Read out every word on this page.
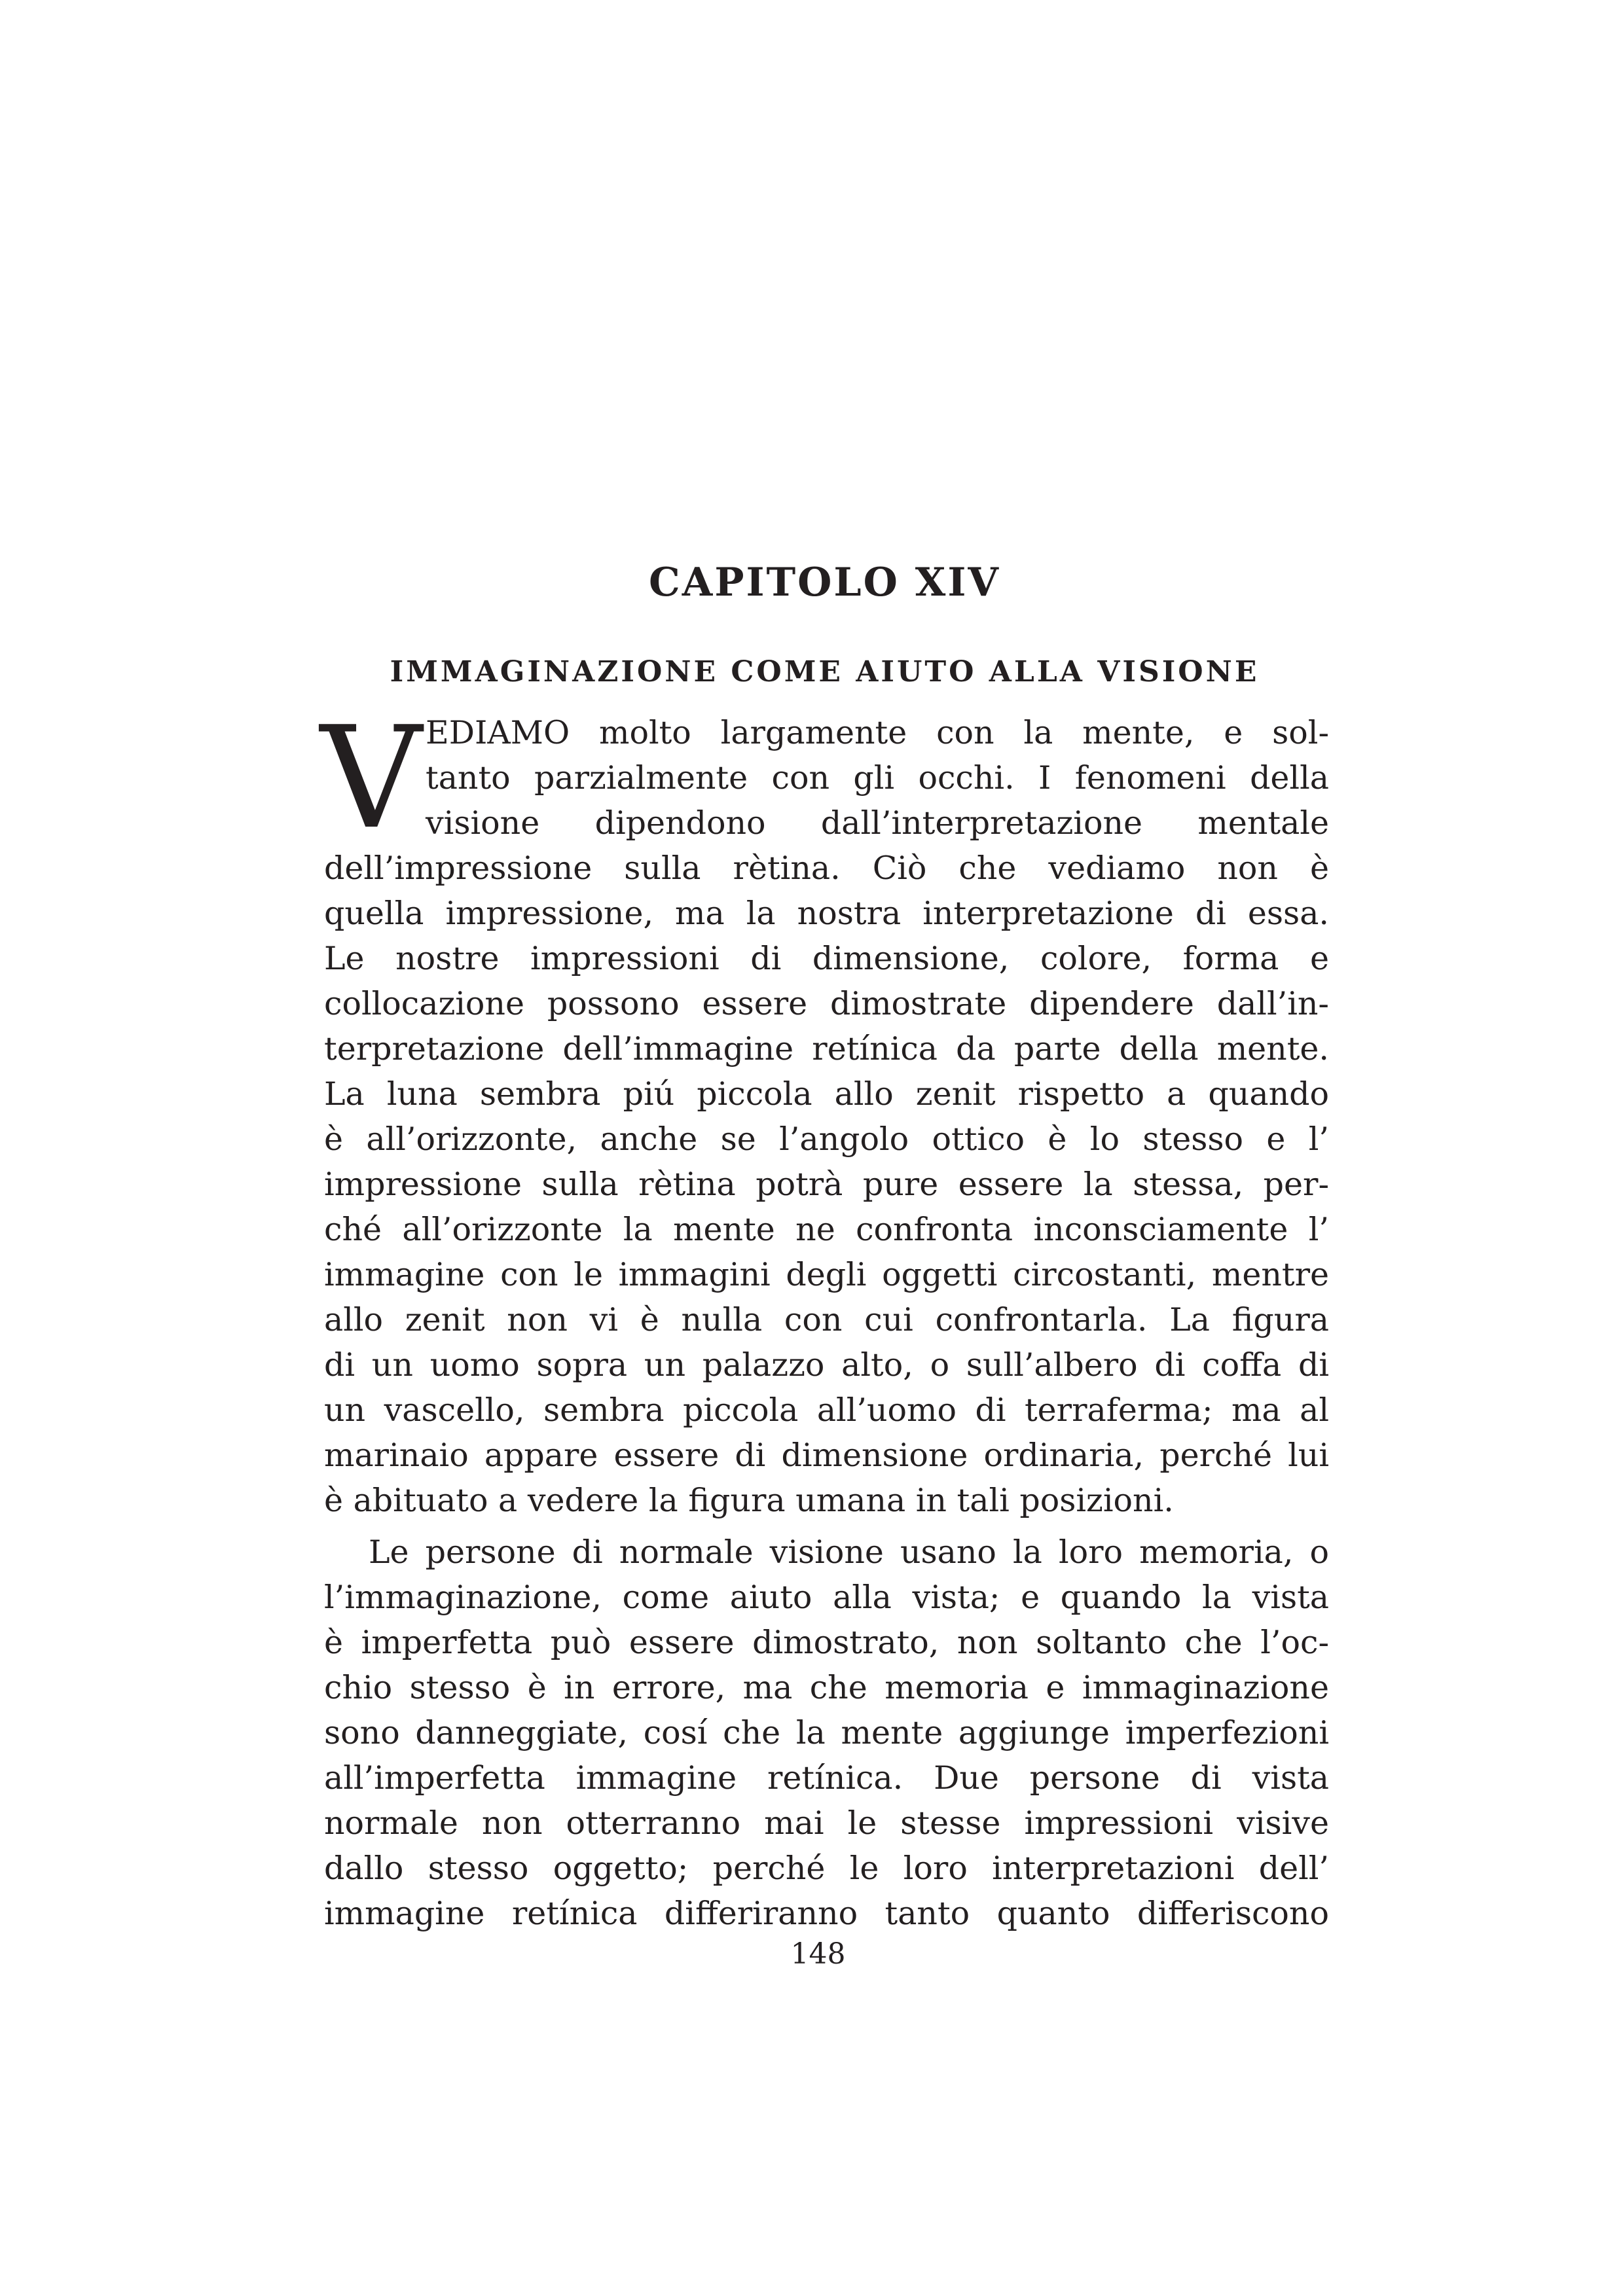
CAPITOLO XIV
IMMAGINAZIONE COME AIUTO ALLA VISIONE
V EDIAMO molto largamente con la mente, e sol-
tanto parzialmente con gli occhi. I fenomeni della
visione dipendono dall’interpretazione mentale
dell’impressione sulla rètina. Ciò che vediamo non è
quella impressione, ma la nostra interpretazione di essa.
Le nostre impressioni di dimensione, colore, forma e
collocazione possono essere dimostrate dipendere dall’in-
terpretazione dell’immagine retínica da parte della mente.
La luna sembra piú piccola allo zenit rispetto a quando
è all’orizzonte, anche se l’angolo ottico è lo stesso e l’
impressione sulla rètina potrà pure essere la stessa, per-
ché all’orizzonte la mente ne confronta inconsciamente l’
immagine con le immagini degli oggetti circostanti, mentre
allo zenit non vi è nulla con cui confrontarla. La figura
di un uomo sopra un palazzo alto, o sull’albero di coffa di
un vascello, sembra piccola all’uomo di terraferma; ma al
marinaio appare essere di dimensione ordinaria, perché lui
è abituato a vedere la figura umana in tali posizioni.
Le persone di normale visione usano la loro memoria, o
l’immaginazione, come aiuto alla vista; e quando la vista
è imperfetta può essere dimostrato, non soltanto che l’oc-
chio stesso è in errore, ma che memoria e immaginazione
sono danneggiate, cosí che la mente aggiunge imperfezioni
all’imperfetta immagine retínica. Due persone di vista
normale non otterranno mai le stesse impressioni visive
dallo stesso oggetto; perché le loro interpretazioni dell’
immagine retínica differiranno tanto quanto differiscono
148
